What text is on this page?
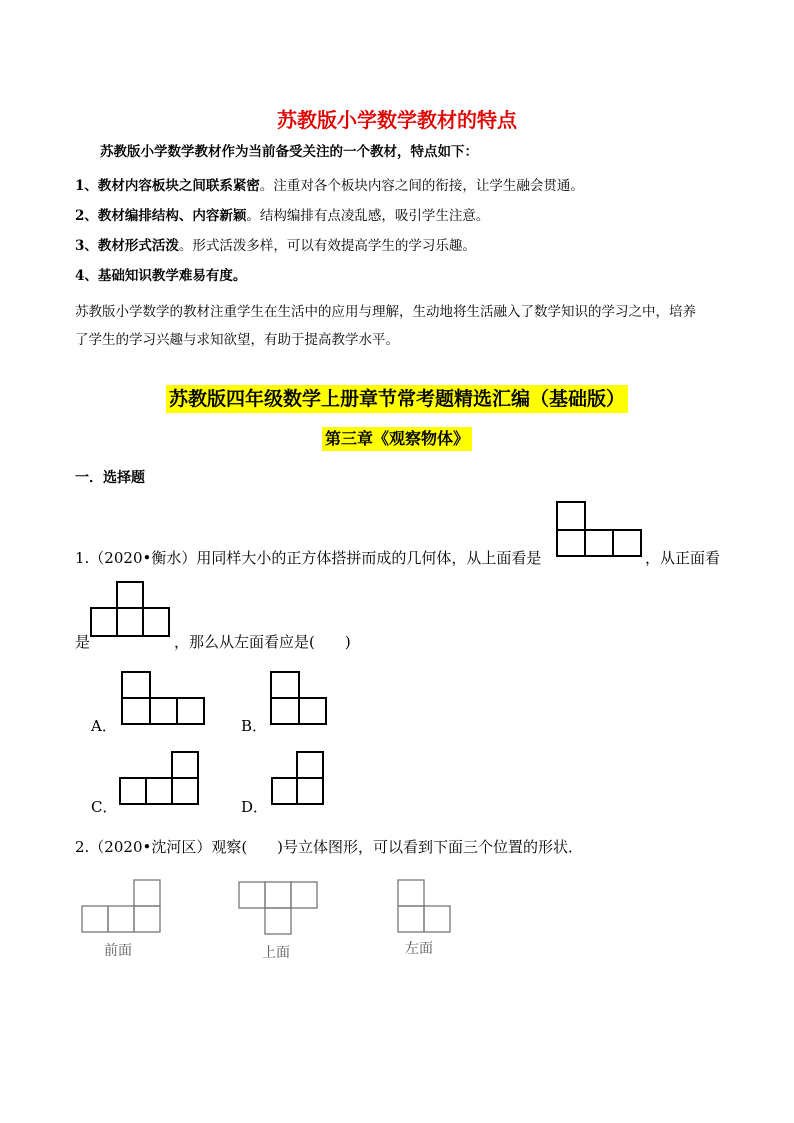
苏教版小学数学教材的特点
苏教版小学数学教材作为当前备受关注的一个教材，特点如下：
1、教材内容板块之间联系紧密。注重对各个板块内容之间的衔接，让学生融会贯通。
2、教材编排结构、内容新颖。结构编排有点凌乱感，吸引学生注意。
3、教材形式活泼。形式活泼多样，可以有效提高学生的学习乐趣。
4、基础知识教学难易有度。
苏教版小学数学的教材注重学生在生活中的应用与理解，生动地将生活融入了数学知识的学习之中，培养
了学生的学习兴趣与求知欲望，有助于提高教学水平。
苏教版四年级数学上册章节常考题精选汇编（基础版）
第三章《观察物体》
一．选择题
1.（2020•衡水）用同样大小的正方体搭拼而成的几何体，从上面看是	，从正面看
是	，那么从左面看应是(　　)
A．	B．
C．	D．
2.（2020•沈河区）观察(　　)号立体图形，可以看到下面三个位置的形状．
前面	上面	左面
